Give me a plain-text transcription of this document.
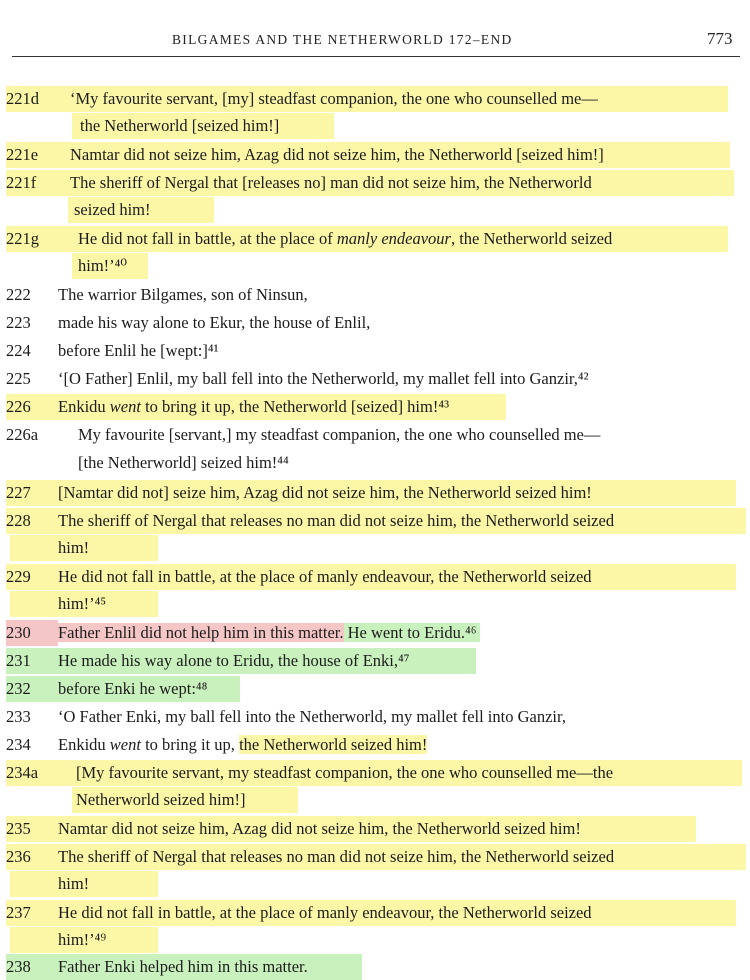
BILGAMES AND THE NETHERWORLD 172–END	773
221d ‘My favourite servant, [my] steadfast companion, the one who counselled me—
the Netherworld [seized him!]
221e Namtar did not seize him, Azag did not seize him, the Netherworld [seized him!]
221f The sheriff of Nergal that [releases no] man did not seize him, the Netherworld
seized him!
221g He did not fall in battle, at the place of manly endeavour, the Netherworld seized
him!’⁴⁰
222 The warrior Bilgames, son of Ninsun,
223 made his way alone to Ekur, the house of Enlil,
224 before Enlil he [wept:]⁴¹
225 ‘[O Father] Enlil, my ball fell into the Netherworld, my mallet fell into Ganzir,⁴²
226 Enkidu went to bring it up, the Netherworld [seized] him!⁴³
226a My favourite [servant,] my steadfast companion, the one who counselled me—
[the Netherworld] seized him!⁴⁴
227 [Namtar did not] seize him, Azag did not seize him, the Netherworld seized him!
228 The sheriff of Nergal that releases no man did not seize him, the Netherworld seized
him!
229 He did not fall in battle, at the place of manly endeavour, the Netherworld seized
him!’⁴⁵
230 Father Enlil did not help him in this matter. He went to Eridu.⁴⁶
231 He made his way alone to Eridu, the house of Enki,⁴⁷
232 before Enki he wept:⁴⁸
233 ‘O Father Enki, my ball fell into the Netherworld, my mallet fell into Ganzir,
234 Enkidu went to bring it up, the Netherworld seized him!
234a [My favourite servant, my steadfast companion, the one who counselled me—the
Netherworld seized him!]
235 Namtar did not seize him, Azag did not seize him, the Netherworld seized him!
236 The sheriff of Nergal that releases no man did not seize him, the Netherworld seized
him!
237 He did not fall in battle, at the place of manly endeavour, the Netherworld seized
him!’⁴⁹
238 Father Enki helped him in this matter.
